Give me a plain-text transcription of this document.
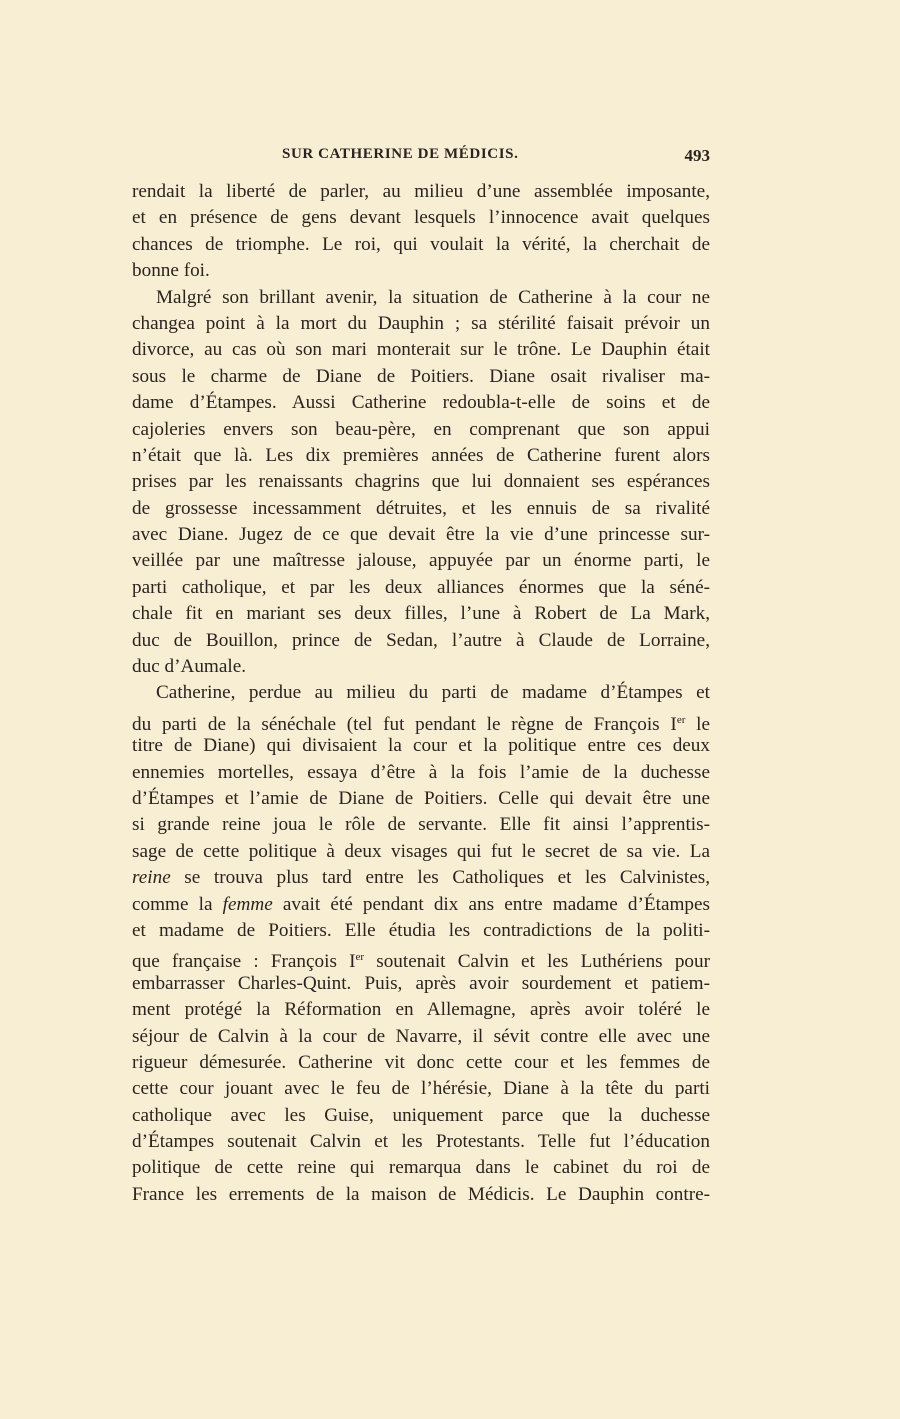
SUR CATHERINE DE MÉDICIS.	493
rendait la liberté de parler, au milieu d’une assemblée imposante,
et en présence de gens devant lesquels l’innocence avait quelques
chances de triomphe. Le roi, qui voulait la vérité, la cherchait de
bonne foi.
Malgré son brillant avenir, la situation de Catherine à la cour ne
changea point à la mort du Dauphin ; sa stérilité faisait prévoir un
divorce, au cas où son mari monterait sur le trône. Le Dauphin était
sous le charme de Diane de Poitiers. Diane osait rivaliser ma-
dame d’Étampes. Aussi Catherine redoubla-t-elle de soins et de
cajoleries envers son beau-père, en comprenant que son appui
n’était que là. Les dix premières années de Catherine furent alors
prises par les renaissants chagrins que lui donnaient ses espérances
de grossesse incessamment détruites, et les ennuis de sa rivalité
avec Diane. Jugez de ce que devait être la vie d’une princesse sur-
veillée par une maîtresse jalouse, appuyée par un énorme parti, le
parti catholique, et par les deux alliances énormes que la séné-
chale fit en mariant ses deux filles, l’une à Robert de La Mark,
duc de Bouillon, prince de Sedan, l’autre à Claude de Lorraine,
duc d’Aumale.
Catherine, perdue au milieu du parti de madame d’Étampes et
du parti de la sénéchale (tel fut pendant le règne de François Ier le
titre de Diane) qui divisaient la cour et la politique entre ces deux
ennemies mortelles, essaya d’être à la fois l’amie de la duchesse
d’Étampes et l’amie de Diane de Poitiers. Celle qui devait être une
si grande reine joua le rôle de servante. Elle fit ainsi l’apprentis-
sage de cette politique à deux visages qui fut le secret de sa vie. La
reine se trouva plus tard entre les Catholiques et les Calvinistes,
comme la femme avait été pendant dix ans entre madame d’Étampes
et madame de Poitiers. Elle étudia les contradictions de la politi-
que française : François Ier soutenait Calvin et les Luthériens pour
embarrasser Charles-Quint. Puis, après avoir sourdement et patiem-
ment protégé la Réformation en Allemagne, après avoir toléré le
séjour de Calvin à la cour de Navarre, il sévit contre elle avec une
rigueur démesurée. Catherine vit donc cette cour et les femmes de
cette cour jouant avec le feu de l’hérésie, Diane à la tête du parti
catholique avec les Guise, uniquement parce que la duchesse
d’Étampes soutenait Calvin et les Protestants. Telle fut l’éducation
politique de cette reine qui remarqua dans le cabinet du roi de
France les errements de la maison de Médicis. Le Dauphin contre-
